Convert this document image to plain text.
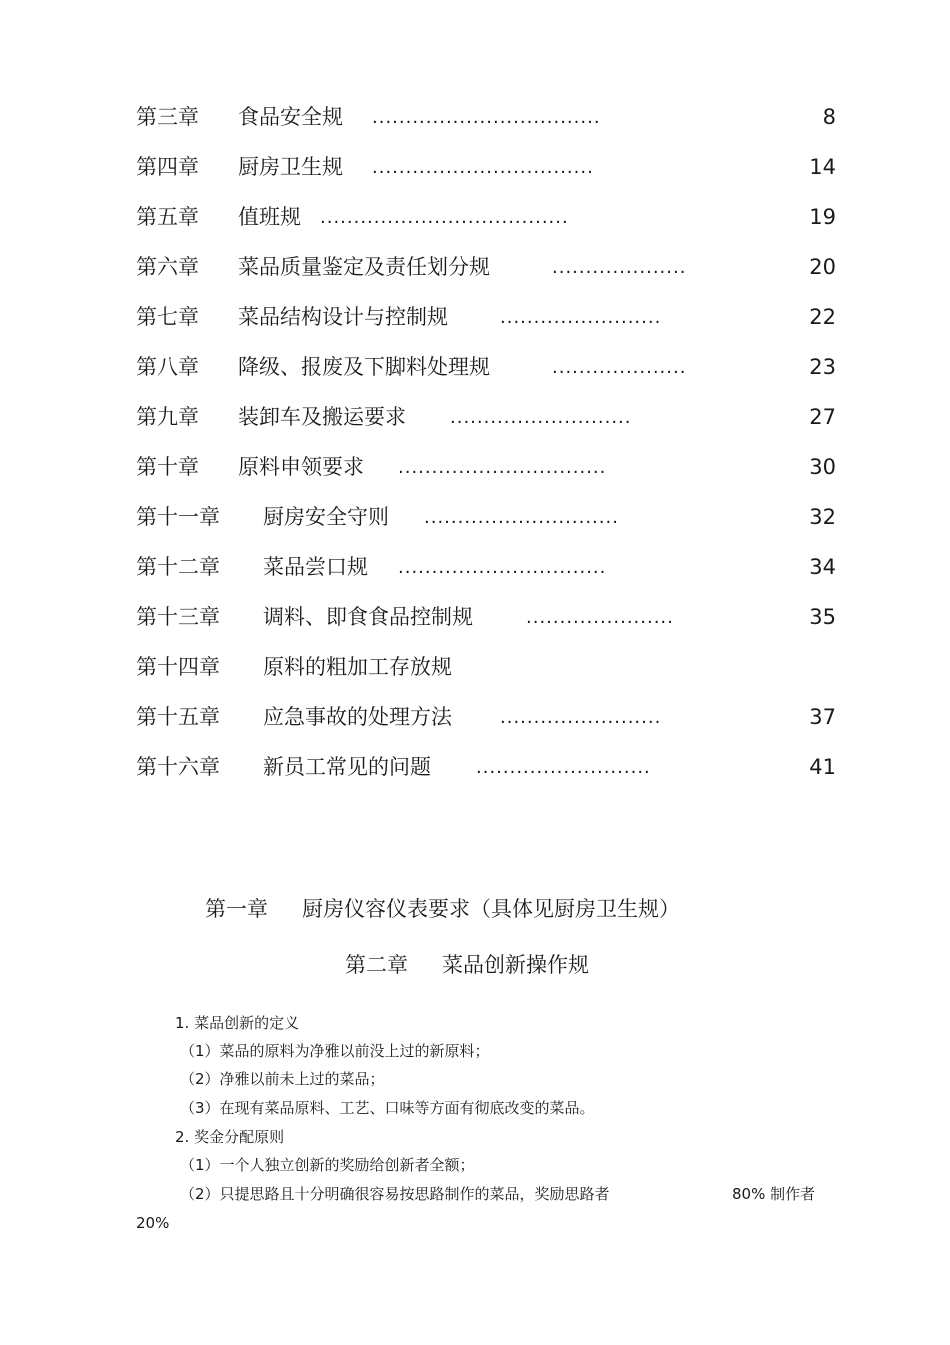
第三章 食品安全规 ..................................	8
第四章 厨房卫生规 .................................	14
第五章 值班规 .....................................	19
第六章 菜品质量鉴定及责任划分规	....................	20
第七章 菜品结构设计与控制规	........................	22
第八章 降级、报废及下脚料处理规	....................	23
第九章 装卸车及搬运要求 ...........................	27
第十章 原料申领要求 ...............................	30
第十一章 厨房安全守则 .............................	32
第十二章 菜品尝口规 ...............................	34
第十三章 调料、即食食品控制规	......................	35
第十四章 原料的粗加工存放规
第十五章 应急事故的处理方法	........................	37
第十六章 新员工常见的问题	..........................	41
第一章 厨房仪容仪表要求（具体见厨房卫生规）
第二章 菜品创新操作规
1. 菜品创新的定义
（1）菜品的原料为净雅以前没上过的新原料；
（2）净雅以前未上过的菜品；
（3）在现有菜品原料、工艺、口味等方面有彻底改变的菜品。
2. 奖金分配原则
（1）一个人独立创新的奖励给创新者全额；
（2）只提思路且十分明确很容易按思路制作的菜品，奖励思路者	80% 制作者
20%
